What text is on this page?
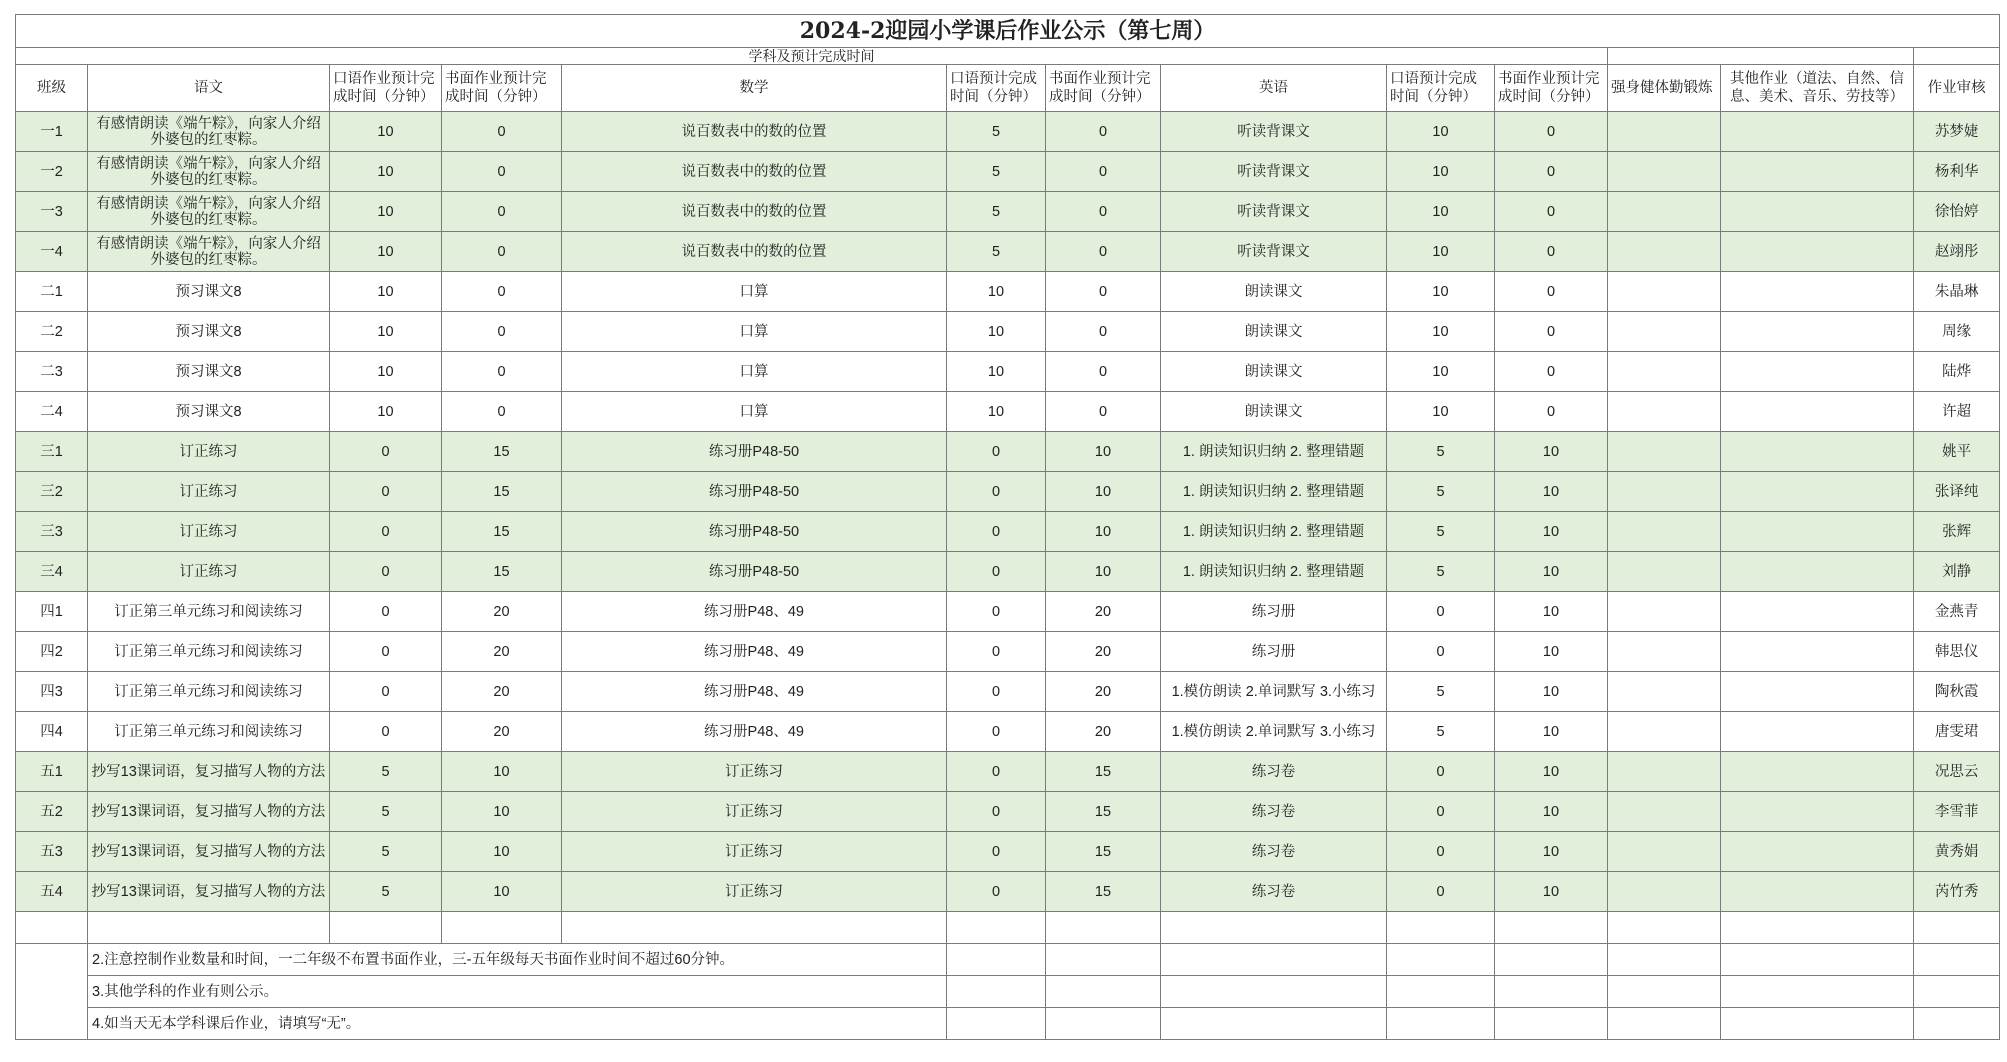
2024-2迎园小学课后作业公示（第七周）												
学科及预计完成时间												
班级	语文	口语作业预计完成时间（分钟）	书面作业预计完成时间（分钟）	数学	口语预计完成时间（分钟）	书面作业预计完成时间（分钟）	英语	口语预计完成时间（分钟）	书面作业预计完成时间（分钟）	强身健体勤锻炼	其他作业（道法、自然、信息、美术、音乐、劳技等）	作业审核
一1	有感情朗读《端午粽》，向家人介绍外婆包的红枣粽。	10	0	说百数表中的数的位置	5	0	听读背课文	10	0			苏梦婕
一2	有感情朗读《端午粽》，向家人介绍外婆包的红枣粽。	10	0	说百数表中的数的位置	5	0	听读背课文	10	0			杨利华
一3	有感情朗读《端午粽》，向家人介绍外婆包的红枣粽。	10	0	说百数表中的数的位置	5	0	听读背课文	10	0			徐怡婷
一4	有感情朗读《端午粽》，向家人介绍外婆包的红枣粽。	10	0	说百数表中的数的位置	5	0	听读背课文	10	0			赵翊彤
二1	预习课文8	10	0	口算	10	0	朗读课文	10	0			朱晶琳
二2	预习课文8	10	0	口算	10	0	朗读课文	10	0			周缘
二3	预习课文8	10	0	口算	10	0	朗读课文	10	0			陆烨
二4	预习课文8	10	0	口算	10	0	朗读课文	10	0			许超
三1	订正练习	0	15	练习册P48-50	0	10	1. 朗读知识归纳 2. 整理错题	5	10			姚平
三2	订正练习	0	15	练习册P48-50	0	10	1. 朗读知识归纳 2. 整理错题	5	10			张译纯
三3	订正练习	0	15	练习册P48-50	0	10	1. 朗读知识归纳 2. 整理错题	5	10			张辉
三4	订正练习	0	15	练习册P48-50	0	10	1. 朗读知识归纳 2. 整理错题	5	10			刘静
四1	订正第三单元练习和阅读练习	0	20	练习册P48、49	0	20	练习册	0	10			金燕青
四2	订正第三单元练习和阅读练习	0	20	练习册P48、49	0	20	练习册	0	10			韩思仪
四3	订正第三单元练习和阅读练习	0	20	练习册P48、49	0	20	1.模仿朗读 2.单词默写 3.小练习	5	10			陶秋霞
四4	订正第三单元练习和阅读练习	0	20	练习册P48、49	0	20	1.模仿朗读 2.单词默写 3.小练习	5	10			唐雯珺
五1	抄写13课词语，复习描写人物的方法	5	10	订正练习	0	15	练习卷	0	10			况思云
五2	抄写13课词语，复习描写人物的方法	5	10	订正练习	0	15	练习卷	0	10			李雪菲
五3	抄写13课词语，复习描写人物的方法	5	10	订正练习	0	15	练习卷	0	10			黄秀娟
五4	抄写13课词语，复习描写人物的方法	5	10	订正练习	0	15	练习卷	0	10			芮竹秀

	2.注意控制作业数量和时间，一二年级不布置书面作业，三-五年级每天书面作业时间不超过60分钟。											
	3.其他学科的作业有则公示。											
	4.如当天无本学科课后作业，请填写“无”。											
